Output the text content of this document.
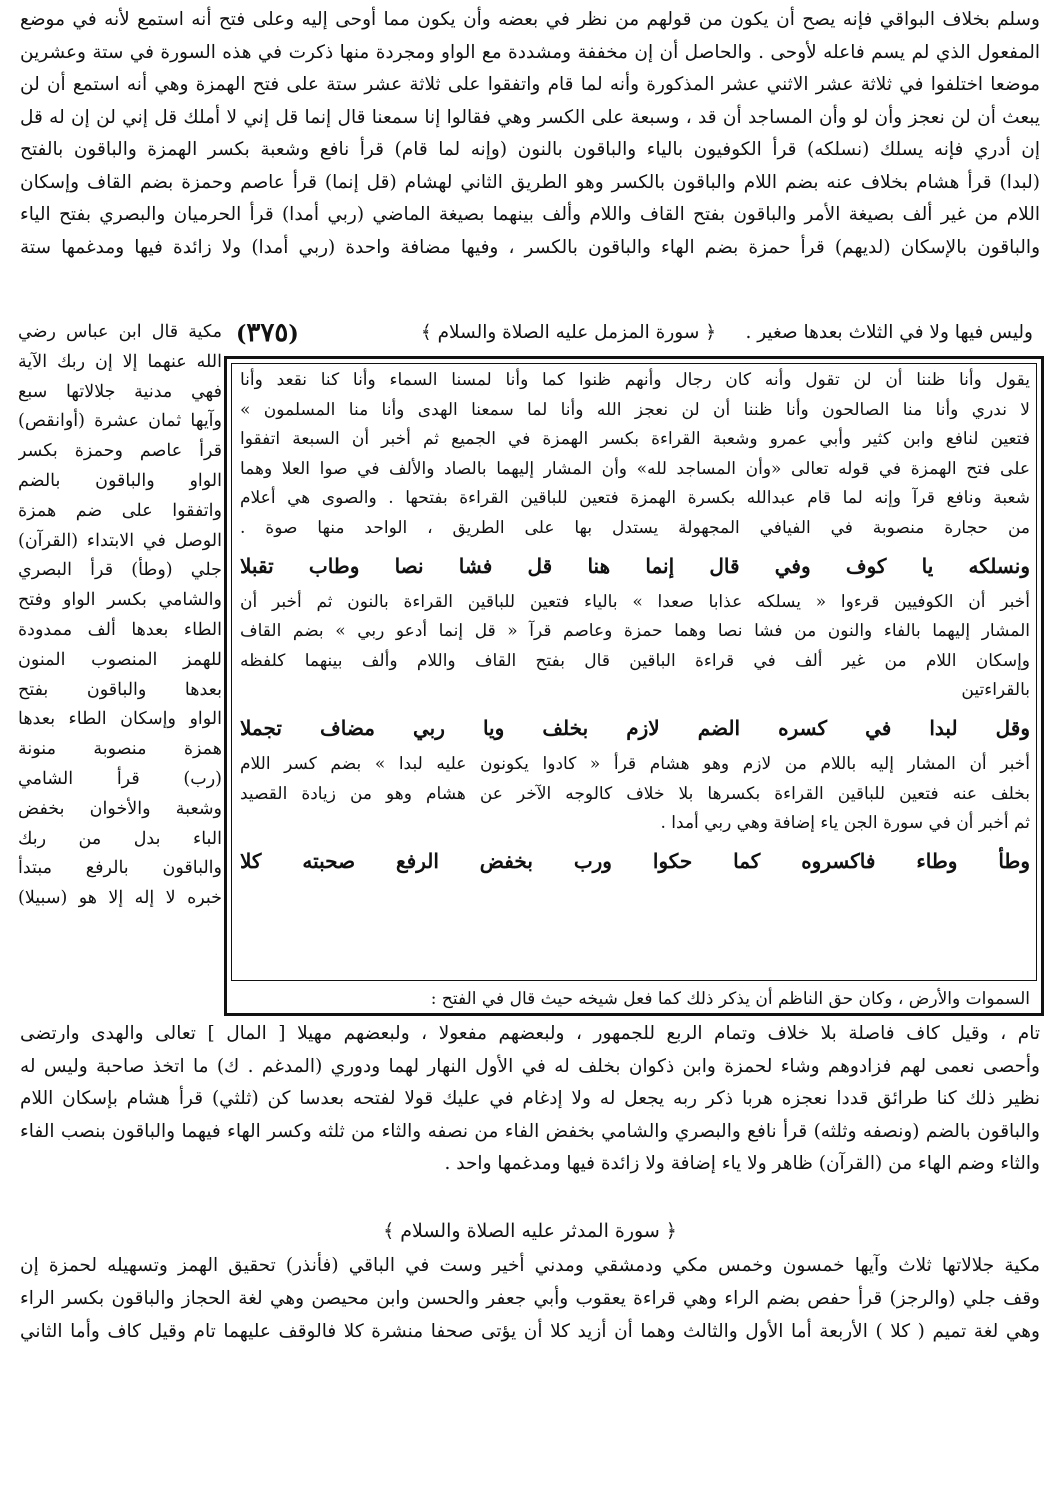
وسلم بخلاف البواقي فإنه يصح أن يكون من قولهم من نظر في بعضه وأن يكون مما أوحى إليه وعلى فتح أنه استمع لأنه في موضع
المفعول الذي لم يسم فاعله لأوحى . والحاصل أن إن مخففة ومشددة مع الواو ومجردة منها ذكرت في هذه السورة في ستة وعشرين
موضعا اختلفوا في ثلاثة عشر الاثني عشر المذكورة وأنه لما قام واتفقوا على ثلاثة عشر ستة على فتح الهمزة وهي أنه استمع أن لن
يبعث أن لن نعجز وأن لو وأن المساجد أن قد ، وسبعة على الكسر وهي فقالوا إنا سمعنا قال إنما قل إني لا أملك قل إني لن إن له قل
إن أدري فإنه يسلك (نسلكه) قرأ الكوفيون بالياء والباقون بالنون (وإنه لما قام) قرأ نافع وشعبة بكسر الهمزة والباقون بالفتح
(لبدا) قرأ هشام بخلاف عنه بضم اللام والباقون بالكسر وهو الطريق الثاني لهشام (قل إنما) قرأ عاصم وحمزة بضم القاف وإسكان
اللام من غير ألف بصيغة الأمر والباقون بفتح القاف واللام وألف بينهما بصيغة الماضي (ربي أمدا) قرأ الحرميان والبصري بفتح الياء
والباقون بالإسكان (لديهم) قرأ حمزة بضم الهاء والباقون بالكسر ، وفيها مضافة واحدة (ربي أمدا) ولا زائدة فيها ومدغمها ستة
(٣٧٥)	وليس فيها ولا في الثلاث بعدها صغير .     ﴿ سورة المزمل عليه الصلاة والسلام ﴾
مكية قال ابن عباس رضي
الله عنهما إلا إن ربك الآية
فهي مدنية جلالاتها سبع
وآيها ثمان عشرة (أوانقص)
قرأ عاصم وحمزة بكسر
الواو والباقون بالضم
واتفقوا على ضم همزة
الوصل في الابتداء (القرآن)
جلي (وطأ) قرأ البصري
والشامي بكسر الواو وفتح
الطاء بعدها ألف ممدودة
للهمز المنصوب المنون
بعدها والباقون بفتح
الواو وإسكان الطاء بعدها
همزة منصوبة منونة
(رب) قرأ الشامي
وشعبة والأخوان بخفض
الباء بدل من ربك
والباقون بالرفع مبتدأ
خبره لا إله إلا هو (سبيلا)
يقول وأنا ظننا أن لن تقول وأنه كان رجال وأنهم ظنوا كما وأنا لمسنا السماء وأنا كنا نقعد وأنا
لا ندري وأنا منا الصالحون وأنا ظننا أن لن نعجز الله وأنا لما سمعنا الهدى وأنا منا المسلمون »
فتعين لنافع وابن كثير وأبي عمرو وشعبة القراءة بكسر الهمزة في الجميع ثم أخبر أن السبعة اتفقوا
على فتح الهمزة في قوله تعالى «وأن المساجد لله» وأن المشار إليهما بالصاد والألف في صوا العلا وهما
شعبة ونافع قرآ وإنه لما قام عبدالله بكسرة الهمزة فتعين للباقين القراءة بفتحها . والصوى هي أعلام
من حجارة منصوبة في الفيافي المجهولة يستدل بها على الطريق ، الواحد منها صوة .
ونسلكه يا كوف وفي قال إنما هنا قل فشا نصا وطاب تقبلا
أخبر أن الكوفيين قرءوا « يسلكه عذابا صعدا » بالياء فتعين للباقين القراءة بالنون ثم أخبر أن
المشار إليهما بالفاء والنون من فشا نصا وهما حمزة وعاصم قرآ « قل إنما أدعو ربي » بضم القاف
وإسكان اللام من غير ألف في قراءة الباقين قال بفتح القاف واللام وألف بينهما كلفظه
بالقراءتين
وقل لبدا في كسره الضم لازم بخلف ويا ربي مضاف تجملا
أخبر أن المشار إليه باللام من لازم وهو هشام قرأ « كادوا يكونون عليه لبدا » بضم كسر اللام
بخلف عنه فتعين للباقين القراءة بكسرها بلا خلاف كالوجه الآخر عن هشام وهو من زيادة القصيد
ثم أخبر أن في سورة الجن ياء إضافة وهي ربي أمدا .
وطأ وطاء فاكسروه كما حكوا ورب بخفض الرفع صحبته كلا
السموات والأرض ، وكان حق الناظم أن يذكر ذلك كما فعل شيخه حيث قال في الفتح :
تام ، وقيل كاف فاصلة بلا خلاف وتمام الربع للجمهور ، ولبعضهم مفعولا ، ولبعضهم مهيلا [ المال ] تعالى والهدى وارتضى
وأحصى نعمى لهم فزادوهم وشاء لحمزة وابن ذكوان بخلف له في الأول النهار لهما ودوري (المدغم . ك) ما اتخذ صاحبة وليس له
نظير ذلك كنا طرائق قددا نعجزه هربا ذكر ربه يجعل له ولا إدغام في عليك قولا لفتحه بعدسا كن (ثلثي) قرأ هشام بإسكان اللام
والباقون بالضم (ونصفه وثلثه) قرأ نافع والبصري والشامي بخفض الفاء من نصفه والثاء من ثلثه وكسر الهاء فيهما والباقون بنصب الفاء
والثاء وضم الهاء من (القرآن) ظاهر ولا ياء إضافة ولا زائدة فيها ومدغمها واحد .
﴿ سورة المدثر عليه الصلاة والسلام ﴾
مكية جلالاتها ثلاث وآيها خمسون وخمس مكي ودمشقي ومدني أخير وست في الباقي (فأنذر) تحقيق الهمز وتسهيله لحمزة إن
وقف جلي (والرجز) قرأ حفص بضم الراء وهي قراءة يعقوب وأبي جعفر والحسن وابن محيصن وهي لغة الحجاز والباقون بكسر الراء
وهي لغة تميم ( كلا ) الأربعة أما الأول والثالث وهما أن أزيد كلا أن يؤتى صحفا منشرة كلا فالوقف عليهما تام وقيل كاف وأما الثاني
